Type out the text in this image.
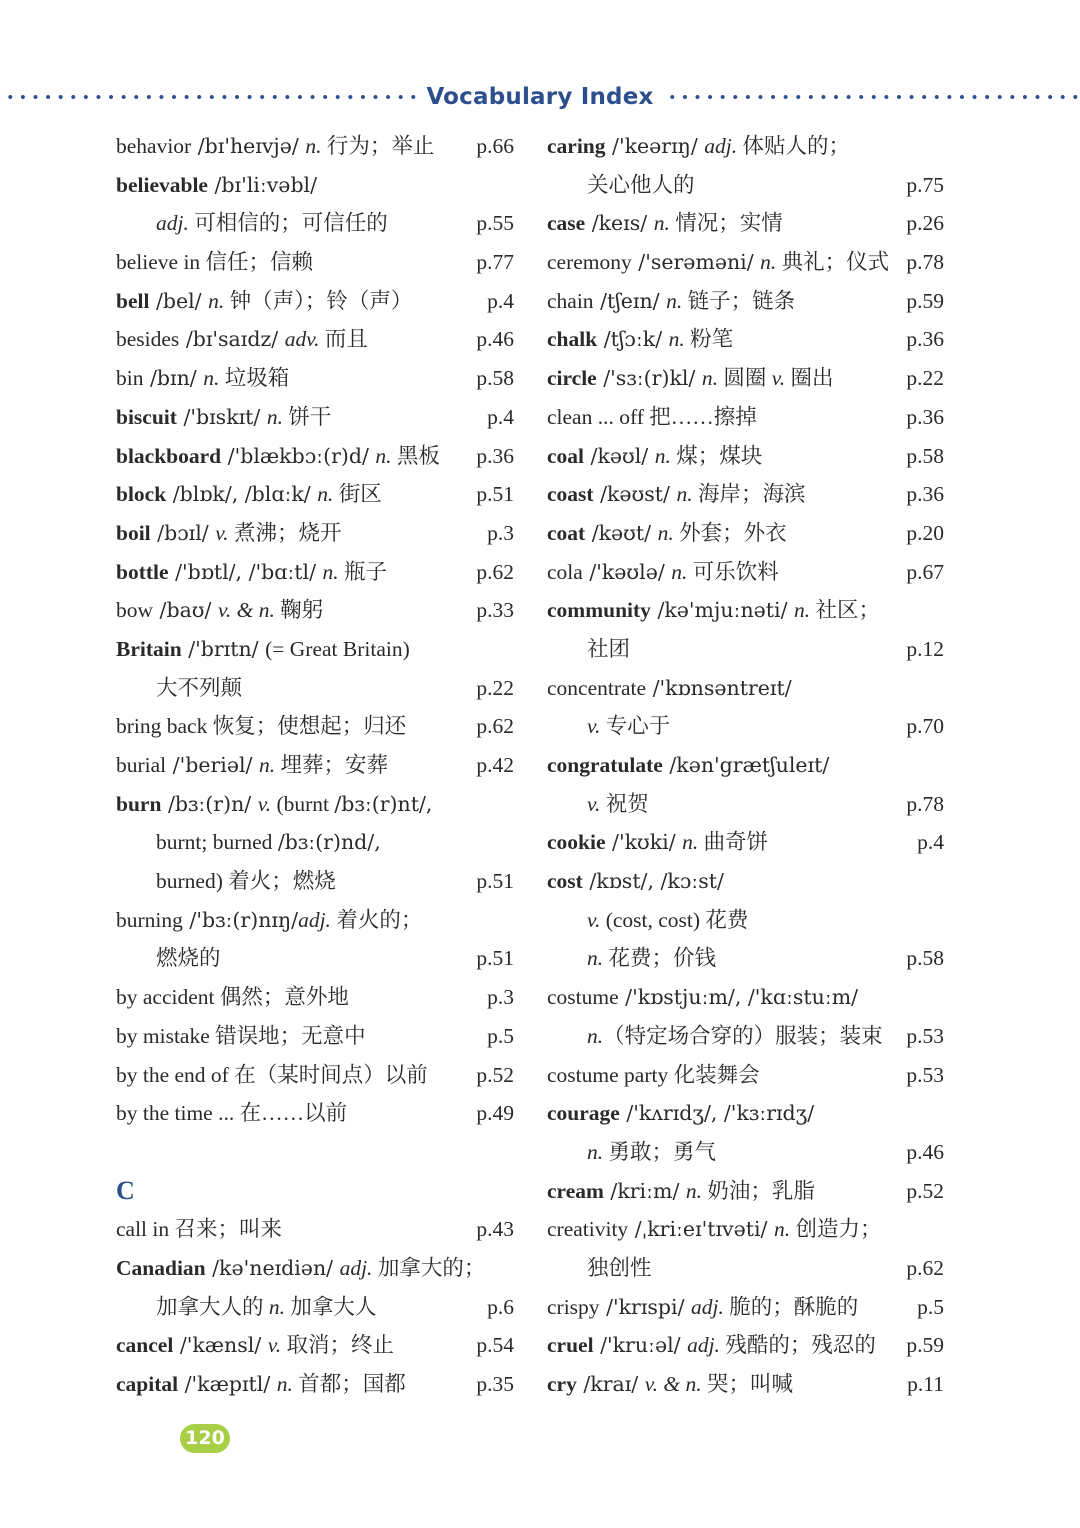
Vocabulary Index
behavior /bɪ'heɪvjə/ n. 行为；举止 p.66
believable /bɪ'liːvəbl/
adj. 可相信的；可信任的	p.55
believe in 信任；信赖	p.77
bell /bel/ n. 钟（声）；铃（声）	p.4
besides /bɪ'saɪdz/ adv. 而且	p.46
bin /bɪn/ n. 垃圾箱	p.58
biscuit /'bɪskɪt/ n. 饼干	p.4
blackboard /'blækbɔː(r)d/ n. 黑板 p.36
block /blɒk/, /blɑːk/ n. 街区	p.51
boil /bɔɪl/ v. 煮沸；烧开	p.3
bottle /'bɒtl/, /'bɑːtl/ n. 瓶子	p.62
bow /baʊ/ v. & n. 鞠躬	p.33
Britain /'brɪtn/ (= Great Britain)
大不列颠	p.22
bring back 恢复；使想起；归还	p.62
burial /'beriəl/ n. 埋葬；安葬	p.42
burn /bɜː(r)n/ v. (burnt /bɜː(r)nt/,
burnt; burned /bɜː(r)nd/,
burned) 着火；燃烧	p.51
burning /'bɜː(r)nɪŋ/adj. 着火的；
燃烧的	p.51
by accident 偶然；意外地	p.3
by mistake 错误地；无意中	p.5
by the end of 在（某时间点）以前 p.52
by the time ... 在……以前	p.49
C
call in 召来；叫来	p.43
Canadian /kə'neɪdiən/ adj. 加拿大的；
加拿大人的 n. 加拿大人	p.6
cancel /'kænsl/ v. 取消；终止	p.54
capital /'kæpɪtl/ n. 首都；国都	p.35
caring /'keərɪŋ/ adj. 体贴人的；
关心他人的	p.75
case /keɪs/ n. 情况；实情	p.26
ceremony /'serəməni/ n. 典礼；仪式 p.78
chain /tʃeɪn/ n. 链子；链条	p.59
chalk /tʃɔːk/ n. 粉笔	p.36
circle /'sɜː(r)kl/ n. 圆圈 v. 圈出	p.22
clean ... off 把……擦掉	p.36
coal /kəʊl/ n. 煤；煤块	p.58
coast /kəʊst/ n. 海岸；海滨	p.36
coat /kəʊt/ n. 外套；外衣	p.20
cola /'kəʊlə/ n. 可乐饮料	p.67
community /kə'mjuːnəti/ n. 社区；
社团	p.12
concentrate /'kɒnsəntreɪt/
v. 专心于	p.70
congratulate /kən'grætʃuleɪt/
v. 祝贺	p.78
cookie /'kʊki/ n. 曲奇饼	p.4
cost /kɒst/, /kɔːst/
v. (cost, cost) 花费
n. 花费；价钱	p.58
costume /'kɒstjuːm/, /'kɑːstuːm/
n.（特定场合穿的）服装；装束 p.53
costume party 化装舞会	p.53
courage /'kʌrɪdʒ/, /'kɜːrɪdʒ/
n. 勇敢；勇气	p.46
cream /kriːm/ n. 奶油；乳脂	p.52
creativity /ˌkriːeɪ'tɪvəti/ n. 创造力；
独创性	p.62
crispy /'krɪspi/ adj. 脆的；酥脆的	p.5
cruel /'kruːəl/ adj. 残酷的；残忍的 p.59
cry /kraɪ/ v. & n. 哭；叫喊	p.11
120
